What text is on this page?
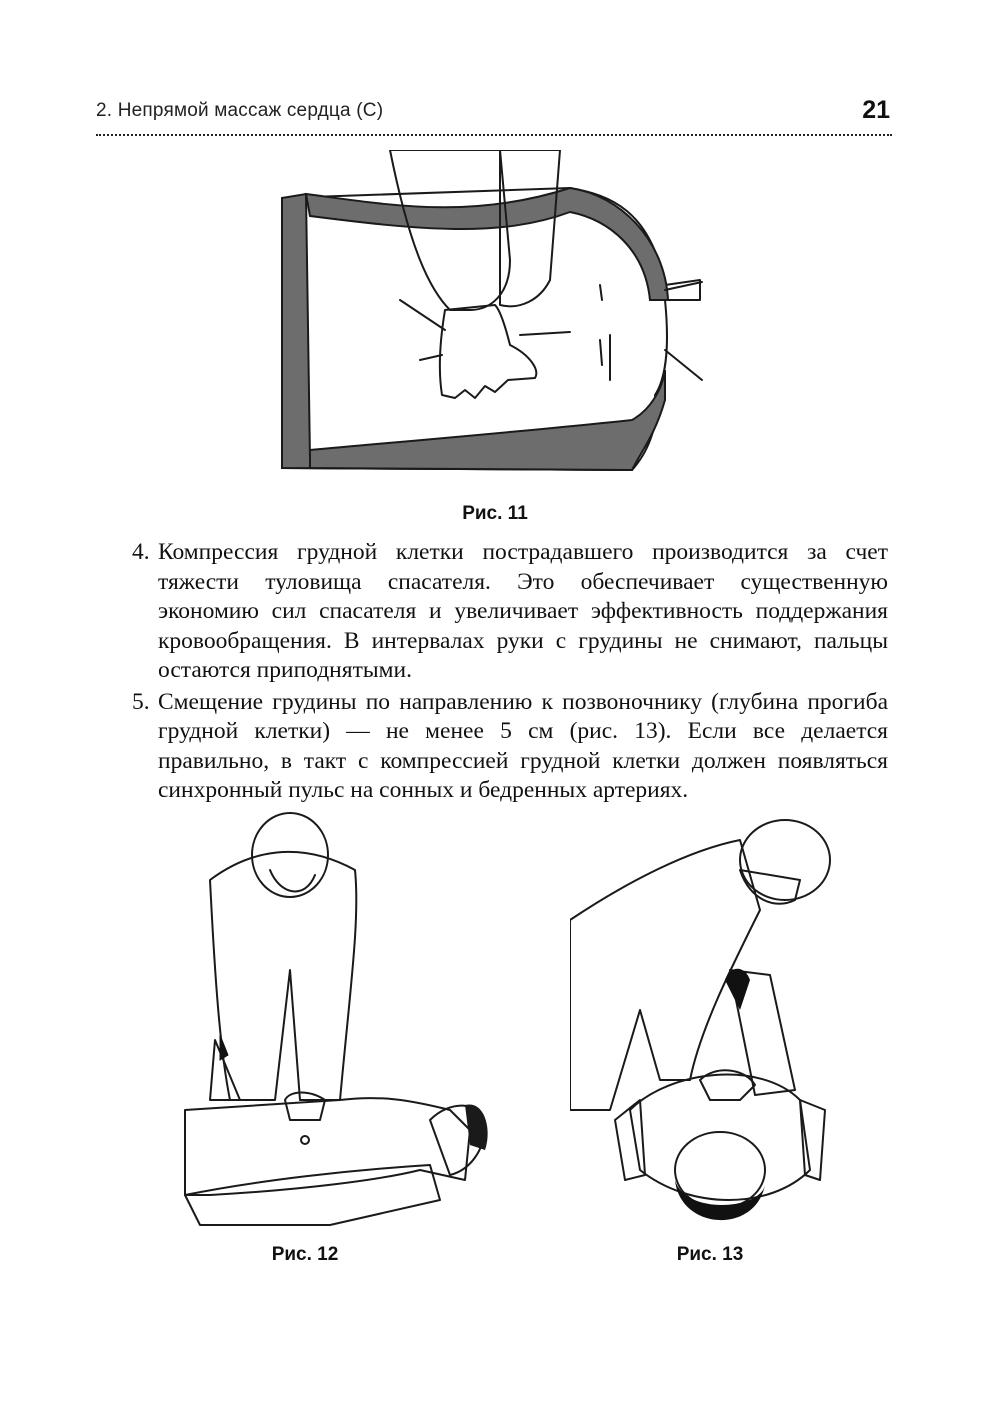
2. Непрямой массаж сердца (С)	21
Рис. 11
4. Компрессия грудной клетки пострадавшего производится за счет тяжести туловища спасателя. Это обеспечивает существенную экономию сил спасателя и увеличивает эффективность поддержания кровообращения. В интервалах руки с грудины не снимают, пальцы остаются приподнятыми.
5. Смещение грудины по направлению к позвоночнику (глубина прогиба грудной клетки) — не менее 5 см (рис. 13). Если все делается правильно, в такт с компрессией грудной клетки должен появляться синхронный пульс на сонных и бедренных артериях.
Рис. 12	Рис. 13
